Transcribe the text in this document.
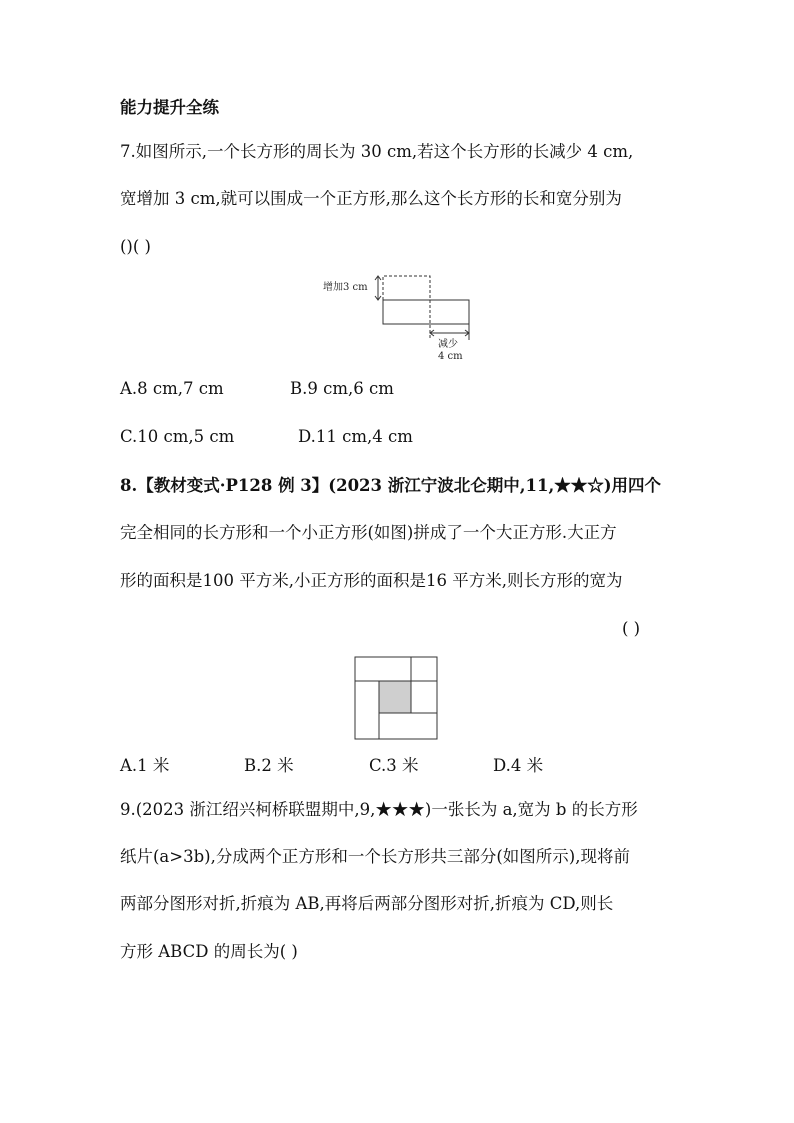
能力提升全练
7.如图所示,一个长方形的周长为 30 cm,若这个长方形的长减少 4 cm,
宽增加 3 cm,就可以围成一个正方形,那么这个长方形的长和宽分别为
()( )
增加3 cm
减少
4 cm
A.8 cm,7 cm	B.9 cm,6 cm
C.10 cm,5 cm	D.11 cm,4 cm
8.【教材变式·P128 例 3】(2023 浙江宁波北仑期中,11,★★☆)用四个
完全相同的长方形和一个小正方形(如图)拼成了一个大正方形.大正方
形的面积是100 平方米,小正方形的面积是16 平方米,则长方形的宽为
( )
A.1 米	B.2 米	C.3 米	D.4 米
9.(2023 浙江绍兴柯桥联盟期中,9,★★★)一张长为 a,宽为 b 的长方形
纸片(a>3b),分成两个正方形和一个长方形共三部分(如图所示),现将前
两部分图形对折,折痕为 AB,再将后两部分图形对折,折痕为 CD,则长
方形 ABCD 的周长为( )
